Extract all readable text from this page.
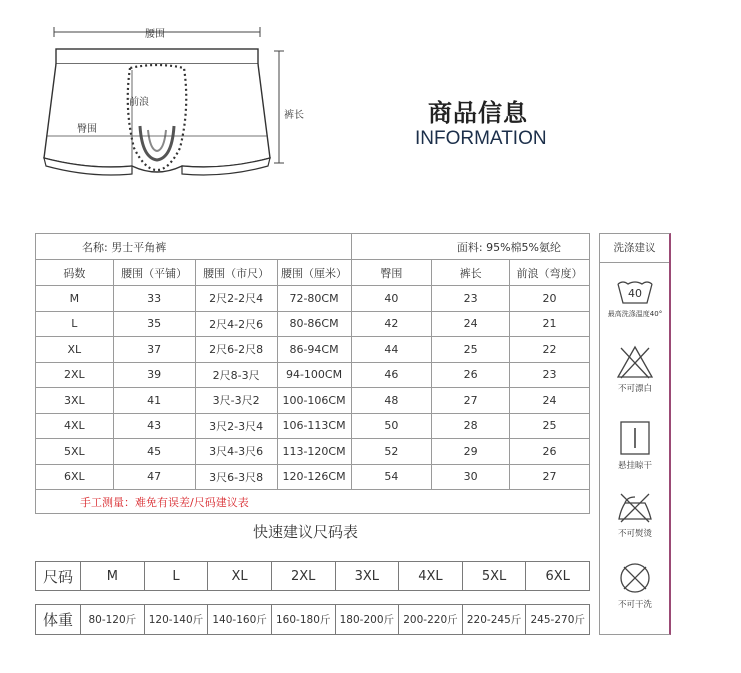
腰围
前浪
臀围
裤长	商品信息
INFORMATION
名称: 男士平角裤				面料: 95%棉5%氨纶		
码数	腰围（平铺）	腰围（市尺）	腰围（厘米）	臀围	裤长	前浪（弯度）
M	33	2尺2-2尺4	72-80CM	40	23	20
L	35	2尺4-2尺6	80-86CM	42	24	21
XL	37	2尺6-2尺8	86-94CM	44	25	22
2XL	39	2尺8-3尺	94-100CM	46	26	23
3XL	41	3尺-3尺2	100-106CM	48	27	24
4XL	43	3尺2-3尺4	106-113CM	50	28	25
5XL	45	3尺4-3尺6	113-120CM	52	29	26
6XL	47	3尺6-3尺8	120-126CM	54	30	27
手工测量：难免有误差/尺码建议表						
洗涤建议
40
最高洗涤温度40°
不可漂白
悬挂晾干
不可熨烫
不可干洗
快速建议尺码表
尺码	M	L	XL	2XL	3XL	4XL	5XL	6XL
体重	80-120斤	120-140斤	140-160斤	160-180斤	180-200斤	200-220斤	220-245斤	245-270斤
